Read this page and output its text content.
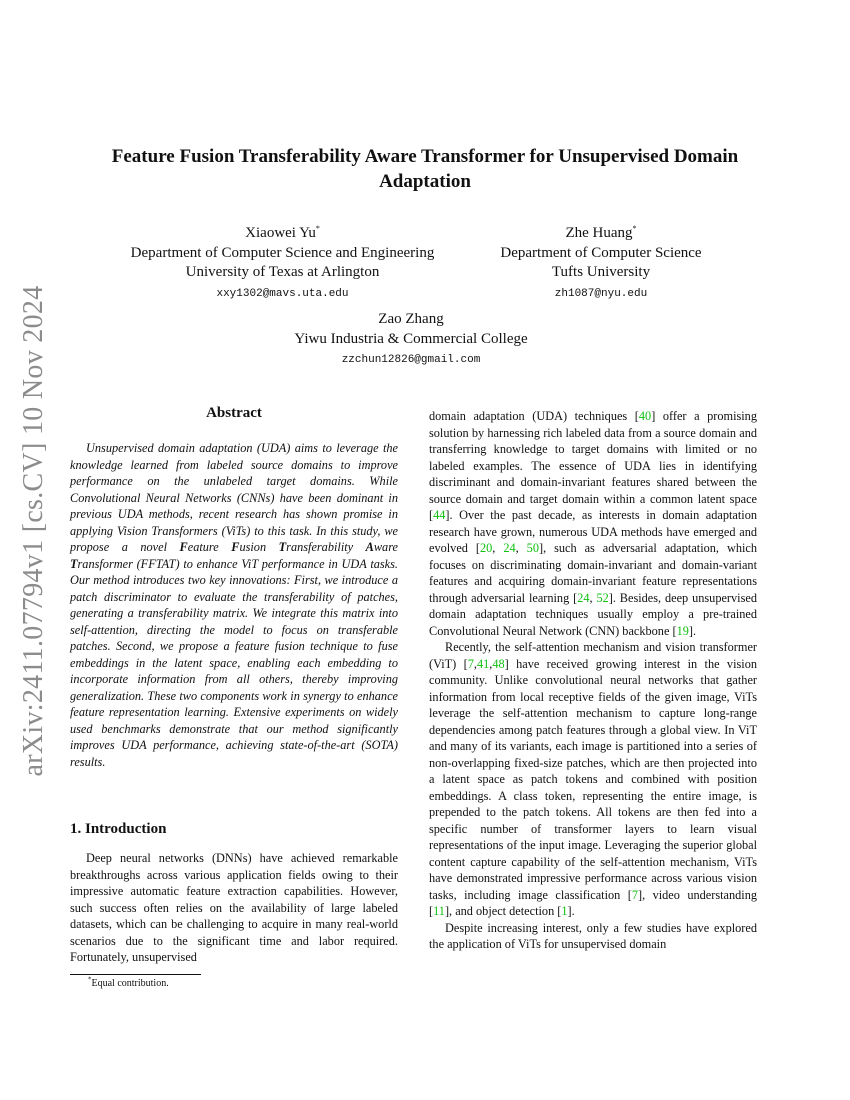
arXiv:2411.07794v1 [cs.CV] 10 Nov 2024
Feature Fusion Transferability Aware Transformer for Unsupervised Domain Adaptation
Xiaowei Yu*
Department of Computer Science and Engineering
University of Texas at Arlington
xxy1302@mavs.uta.edu
Zhe Huang*
Department of Computer Science
Tufts University
zh1087@nyu.edu
Zao Zhang
Yiwu Industria & Commercial College
zzchun12826@gmail.com
Abstract

Unsupervised domain adaptation (UDA) aims to leverage the knowledge learned from labeled source domains to improve performance on the unlabeled target domains. While Convolutional Neural Networks (CNNs) have been dominant in previous UDA methods, recent research has shown promise in applying Vision Transformers (ViTs) to this task. In this study, we propose a novel Feature Fusion Transferability Aware Transformer (FFTAT) to enhance ViT performance in UDA tasks. Our method introduces two key innovations: First, we introduce a patch discriminator to evaluate the transferability of patches, generating a transferability matrix. We integrate this matrix into self-attention, directing the model to focus on transferable patches. Second, we propose a feature fusion technique to fuse embeddings in the latent space, enabling each embedding to incorporate information from all others, thereby improving generalization. These two components work in synergy to enhance feature representation learning. Extensive experiments on widely used benchmarks demonstrate that our method significantly improves UDA performance, achieving state-of-the-art (SOTA) results.

1. Introduction

Deep neural networks (DNNs) have achieved remarkable breakthroughs across various application fields owing to their impressive automatic feature extraction capabilities. However, such success often relies on the availability of large labeled datasets, which can be challenging to acquire in many real-world scenarios due to the significant time and labor required. Fortunately, unsupervised

*Equal contribution.

domain adaptation (UDA) techniques [40] offer a promising solution by harnessing rich labeled data from a source domain and transferring knowledge to target domains with limited or no labeled examples. The essence of UDA lies in identifying discriminant and domain-invariant features shared between the source domain and target domain within a common latent space [44]. Over the past decade, as interests in domain adaptation research have grown, numerous UDA methods have emerged and evolved [20, 24, 50], such as adversarial adaptation, which focuses on discriminating domain-invariant and domain-variant features and acquiring domain-invariant feature representations through adversarial learning [24, 52]. Besides, deep unsupervised domain adaptation techniques usually employ a pre-trained Convolutional Neural Network (CNN) backbone [19].

Recently, the self-attention mechanism and vision transformer (ViT) [7,41,48] have received growing interest in the vision community. Unlike convolutional neural networks that gather information from local receptive fields of the given image, ViTs leverage the self-attention mechanism to capture long-range dependencies among patch features through a global view. In ViT and many of its variants, each image is partitioned into a series of non-overlapping fixed-size patches, which are then projected into a latent space as patch tokens and combined with position embeddings. A class token, representing the entire image, is prepended to the patch tokens. All tokens are then fed into a specific number of transformer layers to learn visual representations of the input image. Leveraging the superior global content capture capability of the self-attention mechanism, ViTs have demonstrated impressive performance across various vision tasks, including image classification [7], video understanding [11], and object detection [1].

Despite increasing interest, only a few studies have explored the application of ViTs for unsupervised domain
